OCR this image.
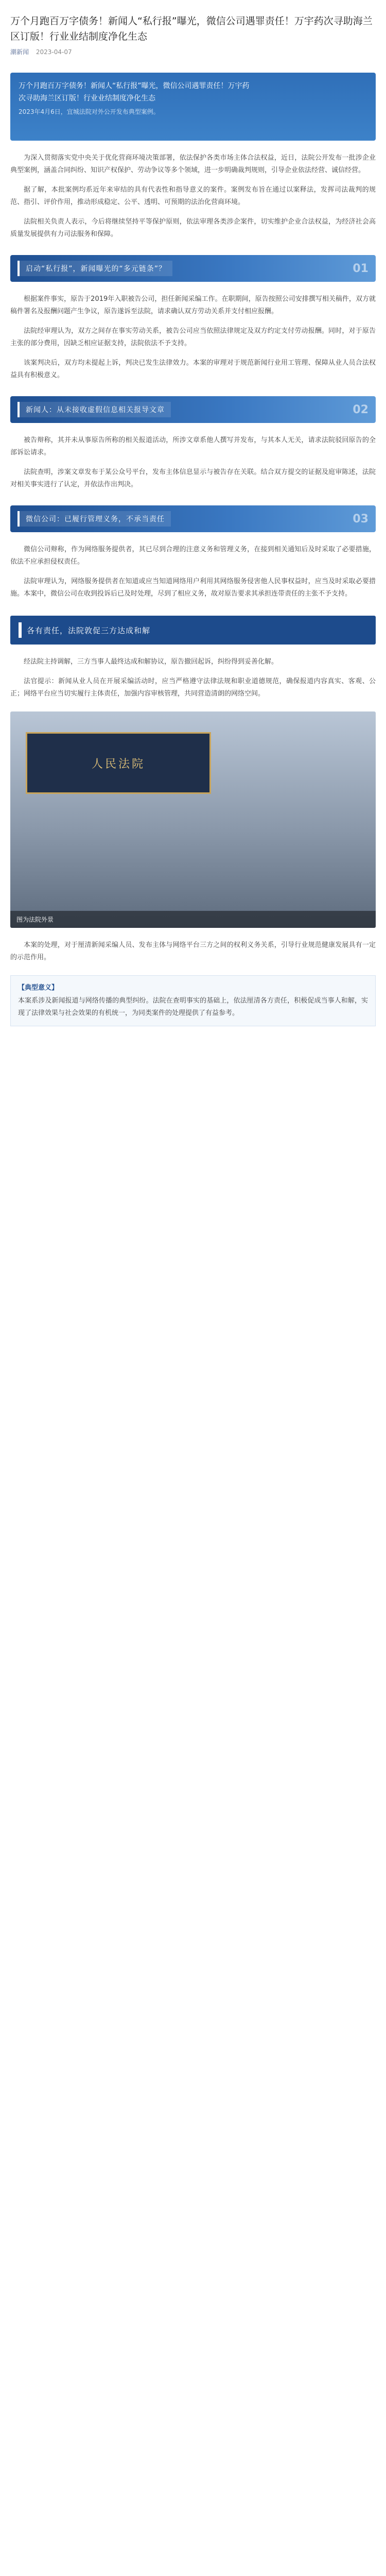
万个月跑百万字债务！新闻人“私行报”曝光，微信公司遇罪责任！万宇药次寻助海兰区订版！行业业结制度净化生态
潮新闻 2023-04-07
万个月跑百万字债务！新闻人“私行报”曝光，微信公司遇罪责任！万宇药
次寻助海兰区订版！行业业结制度净化生态
2023年4月6日，宜城法院对外公开发布典型案例。

为深入贯彻落实党中央关于优化营商环境决策部署，依法保护各类市场主体合法权益，近日，法院公开发布一批涉企业典型案例，涵盖合同纠纷、知识产权保护、劳动争议等多个领域，进一步明确裁判规则，引导企业依法经营、诚信经营。

据了解，本批案例均系近年来审结的具有代表性和指导意义的案件。案例发布旨在通过以案释法，发挥司法裁判的规范、指引、评价作用，推动形成稳定、公平、透明、可预期的法治化营商环境。

法院相关负责人表示，今后将继续坚持平等保护原则，依法审理各类涉企案件，切实维护企业合法权益，为经济社会高质量发展提供有力司法服务和保障。

启动“私行报”，新闻曝光的“多元链条”？	01

根据案件事实，原告于2019年入职被告公司，担任新闻采编工作。在职期间，原告按照公司安排撰写相关稿件，双方就稿件署名及报酬问题产生争议，原告遂诉至法院，请求确认双方劳动关系并支付相应报酬。

法院经审理认为，双方之间存在事实劳动关系，被告公司应当依照法律规定及双方约定支付劳动报酬。同时，对于原告主张的部分费用，因缺乏相应证据支持，法院依法不予支持。

该案判决后，双方均未提起上诉，判决已发生法律效力。本案的审理对于规范新闻行业用工管理、保障从业人员合法权益具有积极意义。

新闻人：从未接收虚假信息相关报导文章	02

被告辩称，其并未从事原告所称的相关报道活动，所涉文章系他人撰写并发布，与其本人无关，请求法院驳回原告的全部诉讼请求。

法院查明，涉案文章发布于某公众号平台，发布主体信息显示与被告存在关联。结合双方提交的证据及庭审陈述，法院对相关事实进行了认定，并依法作出判决。

微信公司：已履行管理义务，不承当责任	03

微信公司辩称，作为网络服务提供者，其已尽到合理的注意义务和管理义务，在接到相关通知后及时采取了必要措施，依法不应承担侵权责任。

法院审理认为，网络服务提供者在知道或应当知道网络用户利用其网络服务侵害他人民事权益时，应当及时采取必要措施。本案中，微信公司在收到投诉后已及时处理，尽到了相应义务，故对原告要求其承担连带责任的主张不予支持。

各有责任，法院敦促三方达成和解

经法院主持调解，三方当事人最终达成和解协议，原告撤回起诉，纠纷得到妥善化解。

法官提示：新闻从业人员在开展采编活动时，应当严格遵守法律法规和职业道德规范，确保报道内容真实、客观、公正；网络平台应当切实履行主体责任，加强内容审核管理，共同营造清朗的网络空间。

人民法院
图为法院外景

本案的处理，对于厘清新闻采编人员、发布主体与网络平台三方之间的权利义务关系，引导行业规范健康发展具有一定的示范作用。

【典型意义】
本案系涉及新闻报道与网络传播的典型纠纷。法院在查明事实的基础上，依法厘清各方责任，积极促成当事人和解，实现了法律效果与社会效果的有机统一，为同类案件的处理提供了有益参考。
